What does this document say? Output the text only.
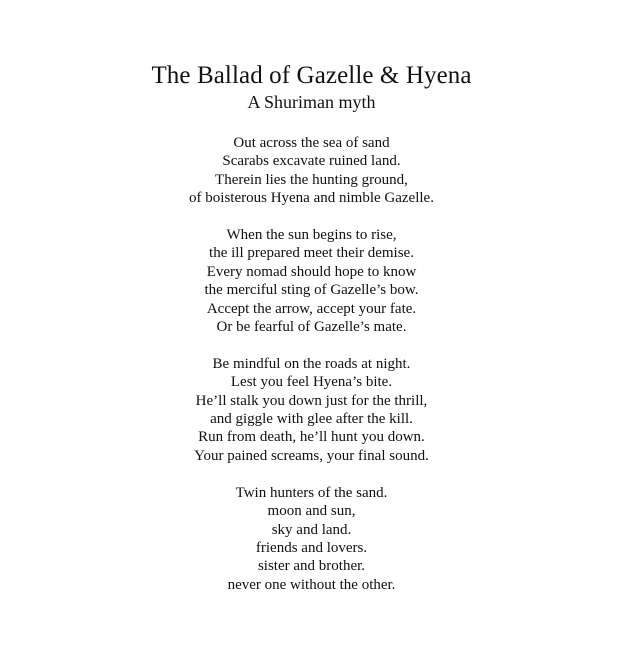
The Ballad of Gazelle & Hyena
A Shuriman myth
Out across the sea of sand
Scarabs excavate ruined land.
Therein lies the hunting ground,
of boisterous Hyena and nimble Gazelle.
When the sun begins to rise,
the ill prepared meet their demise.
Every nomad should hope to know
the merciful sting of Gazelle’s bow.
Accept the arrow, accept your fate.
Or be fearful of Gazelle’s mate.
Be mindful on the roads at night.
Lest you feel Hyena’s bite.
He’ll stalk you down just for the thrill,
and giggle with glee after the kill.
Run from death, he’ll hunt you down.
Your pained screams, your final sound.
Twin hunters of the sand.
moon and sun,
sky and land.
friends and lovers.
sister and brother.
never one without the other.
